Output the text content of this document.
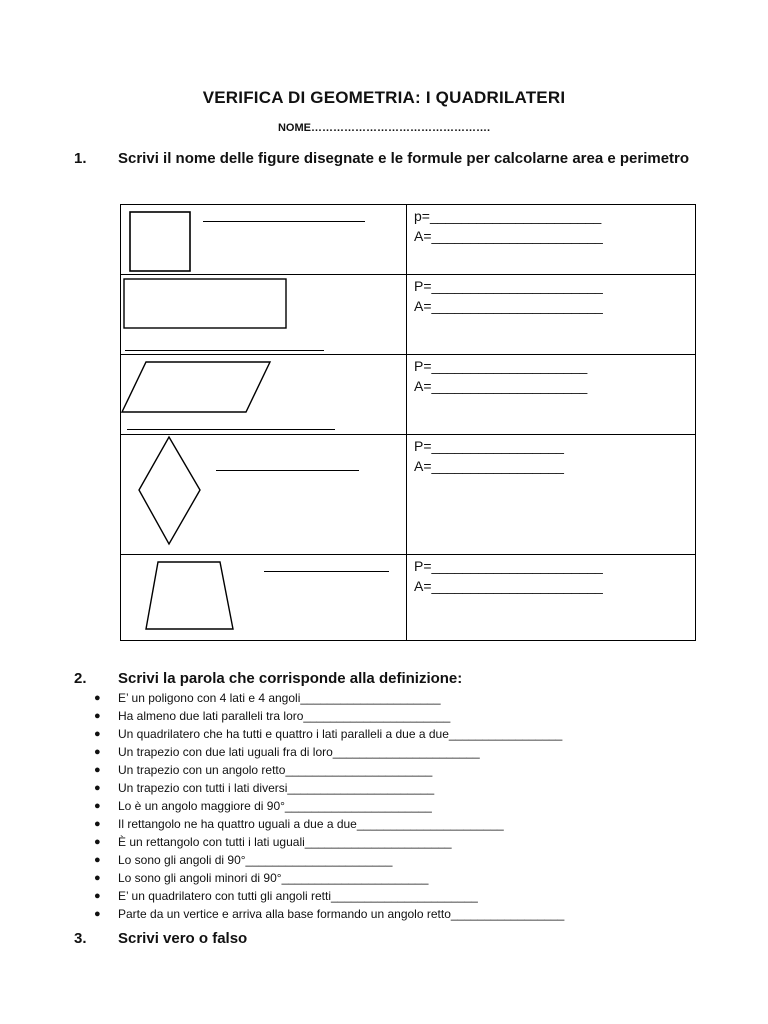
VERIFICA DI GEOMETRIA: I QUADRILATERI
NOME………………………………………….
1. Scrivi il nome delle figure disegnate e le formule per calcolarne area e perimetro

p=______________________
A=______________________

P=______________________
A=______________________

P=____________________
A=____________________

P=_________________
A=_________________

P=______________________
A=______________________
2. Scrivi la parola che corrisponde alla definizione:
● E’ un poligono con 4 lati e 4 angoli_____________________
● Ha almeno due lati paralleli tra loro______________________
● Un quadrilatero che ha tutti e quattro i lati paralleli a due a due_________________
● Un trapezio con due lati uguali fra di loro______________________
● Un trapezio con un angolo retto______________________
● Un trapezio con tutti i lati diversi______________________
● Lo è un angolo maggiore di 90°______________________
● Il rettangolo ne ha quattro uguali a due a due______________________
● È un rettangolo con tutti i lati uguali______________________
● Lo sono gli angoli di 90°______________________
● Lo sono gli angoli minori di 90°______________________
● E’ un quadrilatero con tutti gli angoli retti______________________
● Parte da un vertice e arriva alla base formando un angolo retto_________________
3. Scrivi vero o falso
